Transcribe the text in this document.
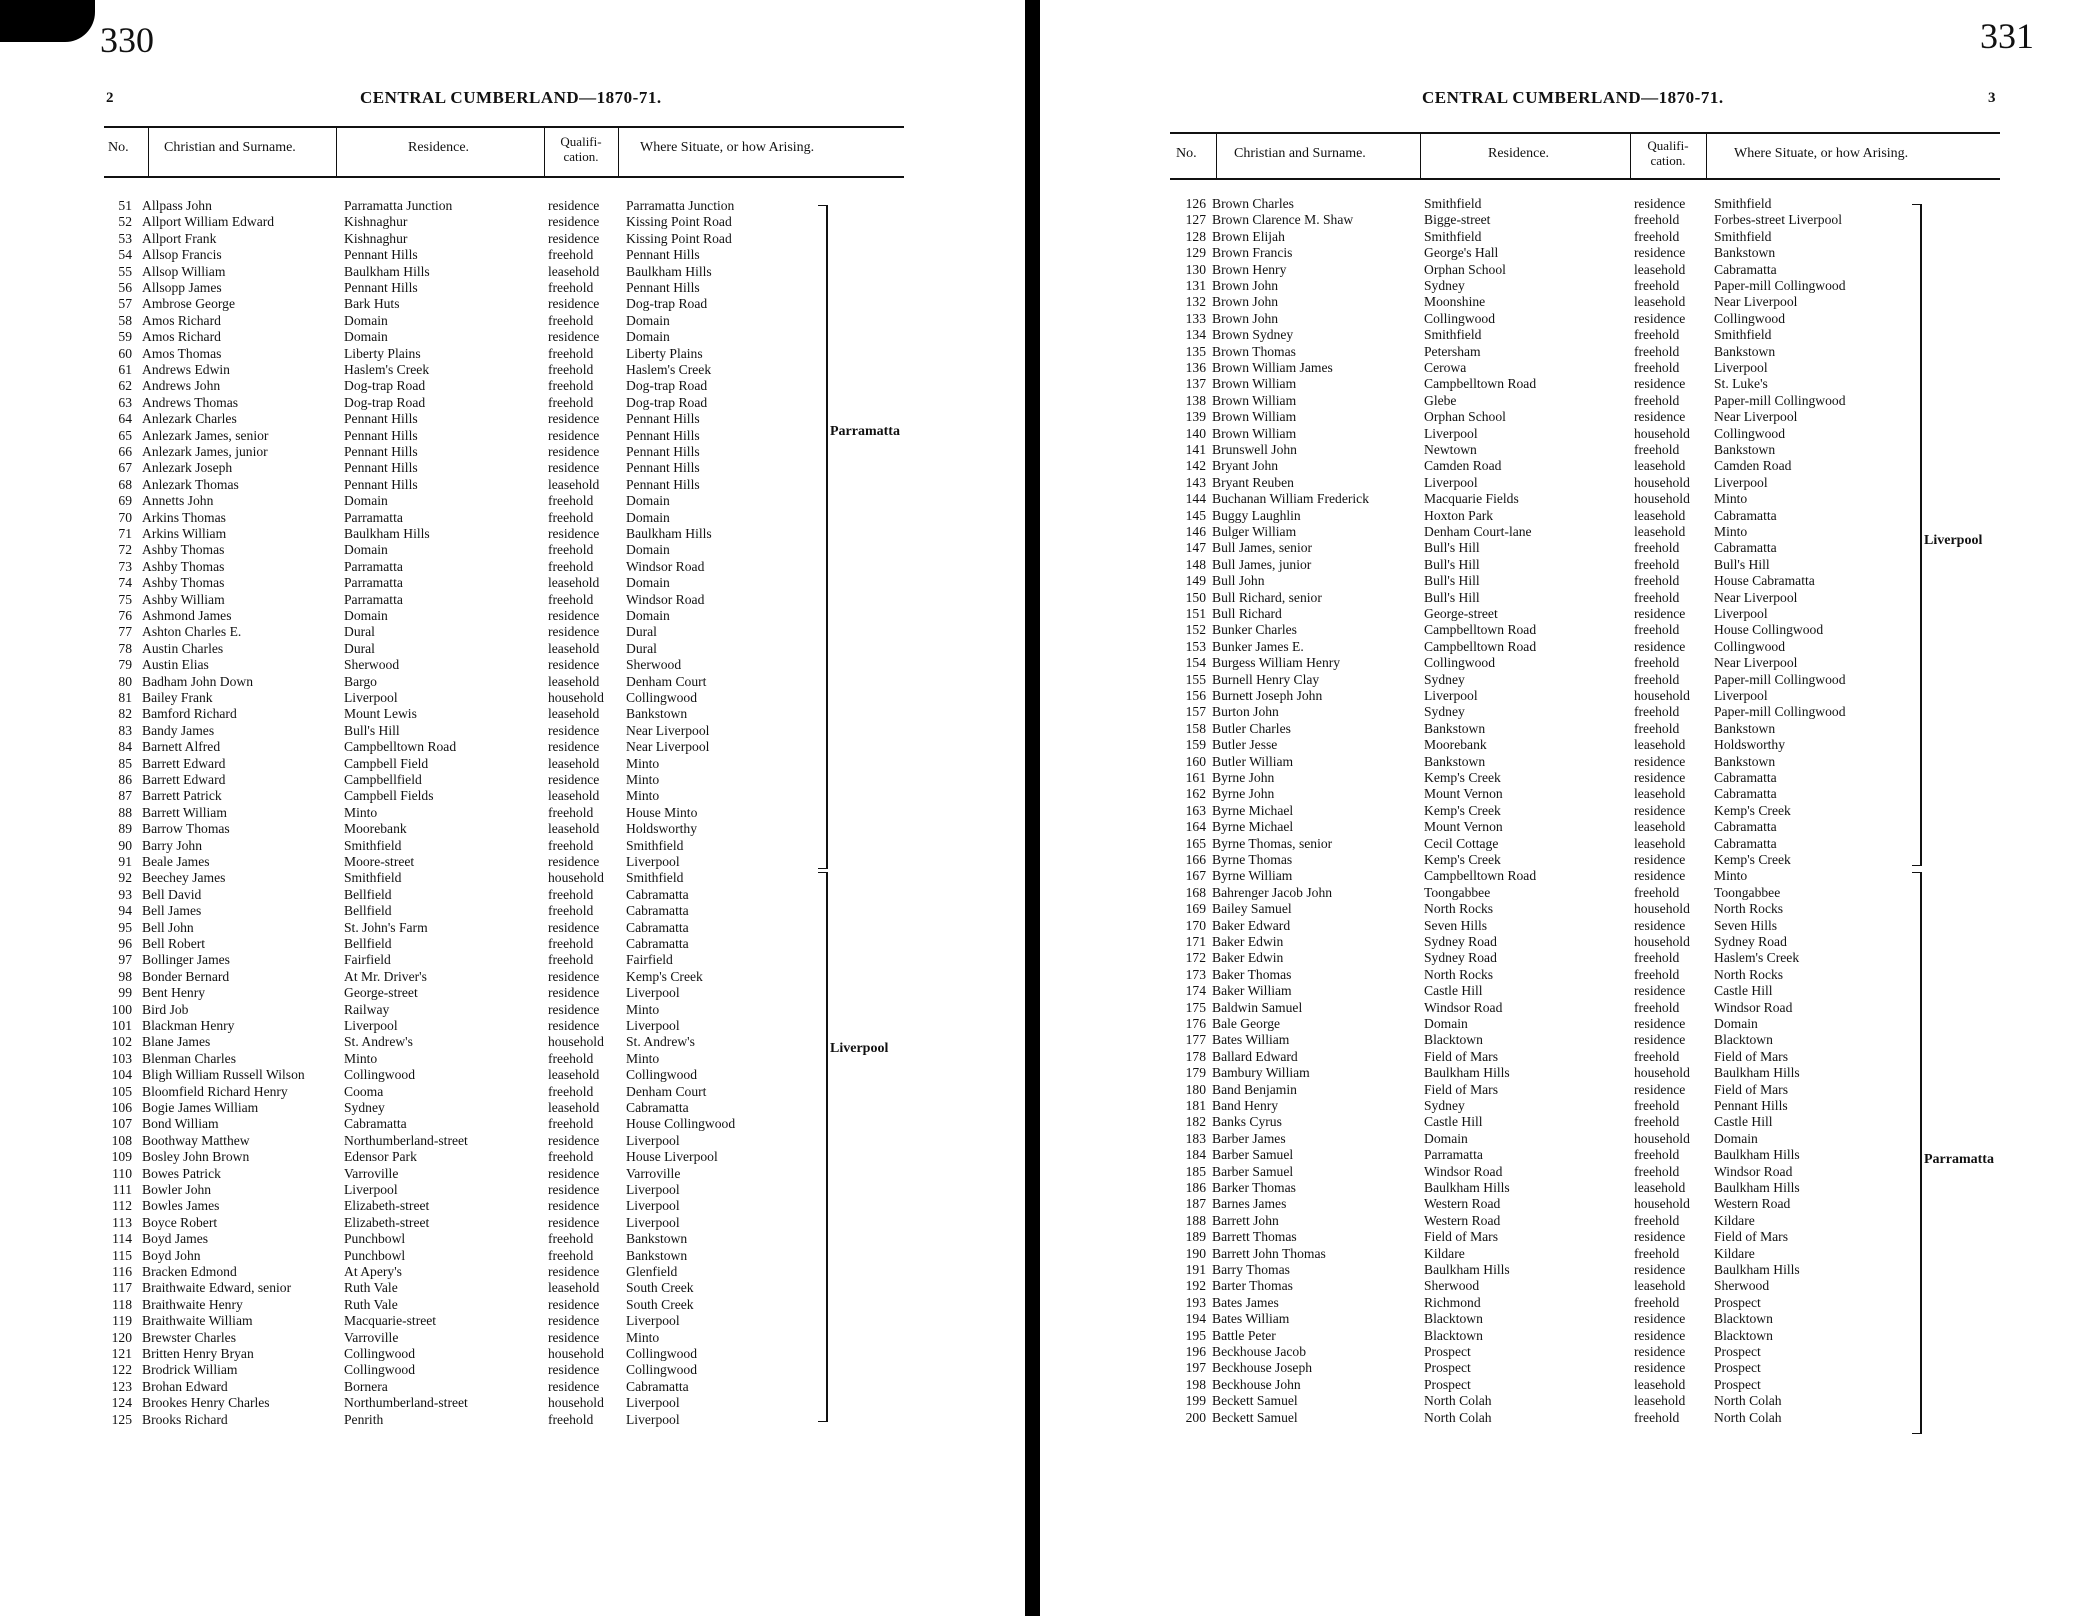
330
2	CENTRAL CUMBERLAND—1870-71.
No.	Christian and Surname.	Residence.	Qualifi-
cation.
Where Situate, or how Arising.
51 Allpass John	Parramatta Junction	residence	Parramatta Junction
52 Allport William Edward	Kishnaghur	residence	Kissing Point Road
53 Allport Frank	Kishnaghur	residence	Kissing Point Road
54 Allsop Francis	Pennant Hills	freehold	Pennant Hills
55 Allsop William	Baulkham Hills	leasehold	Baulkham Hills
56 Allsopp James	Pennant Hills	freehold	Pennant Hills
57 Ambrose George	Bark Huts	residence	Dog-trap Road
58 Amos Richard	Domain	freehold	Domain
59 Amos Richard	Domain	residence	Domain
60 Amos Thomas	Liberty Plains	freehold	Liberty Plains
61 Andrews Edwin	Haslem's Creek	freehold	Haslem's Creek
62 Andrews John	Dog-trap Road	freehold	Dog-trap Road
63 Andrews Thomas	Dog-trap Road	freehold	Dog-trap Road
64 Anlezark Charles	Pennant Hills	residence	Pennant Hills
65 Anlezark James, senior	Pennant Hills	residence	Pennant Hills
66 Anlezark James, junior	Pennant Hills	residence	Pennant Hills
67 Anlezark Joseph	Pennant Hills	residence	Pennant Hills
68 Anlezark Thomas	Pennant Hills	leasehold	Pennant Hills
69 Annetts John	Domain	freehold	Domain
70 Arkins Thomas	Parramatta	freehold	Domain
71 Arkins William	Baulkham Hills	residence	Baulkham Hills
72 Ashby Thomas	Domain	freehold	Domain
73 Ashby Thomas	Parramatta	freehold	Windsor Road
74 Ashby Thomas	Parramatta	leasehold	Domain
75 Ashby William	Parramatta	freehold	Windsor Road
76 Ashmond James	Domain	residence	Domain
77 Ashton Charles E.	Dural	residence	Dural
78 Austin Charles	Dural	leasehold	Dural
79 Austin Elias	Sherwood	residence	Sherwood
80 Badham John Down	Bargo	leasehold	Denham Court
81 Bailey Frank	Liverpool	household	Collingwood
82 Bamford Richard	Mount Lewis	leasehold	Bankstown
83 Bandy James	Bull's Hill	residence	Near Liverpool
84 Barnett Alfred	Campbelltown Road	residence	Near Liverpool
85 Barrett Edward	Campbell Field	leasehold	Minto
86 Barrett Edward	Campbellfield	residence	Minto
87 Barrett Patrick	Campbell Fields	leasehold	Minto
88 Barrett William	Minto	freehold	House Minto
89 Barrow Thomas	Moorebank	leasehold	Holdsworthy
90 Barry John	Smithfield	freehold	Smithfield
91 Beale James	Moore-street	residence	Liverpool
92 Beechey James	Smithfield	household	Smithfield
93 Bell David	Bellfield	freehold	Cabramatta
94 Bell James	Bellfield	freehold	Cabramatta
95 Bell John	St. John's Farm	residence	Cabramatta
96 Bell Robert	Bellfield	freehold	Cabramatta
97 Bollinger James	Fairfield	freehold	Fairfield
98 Bonder Bernard	At Mr. Driver's	residence	Kemp's Creek
99 Bent Henry	George-street	residence	Liverpool
100 Bird Job	Railway	residence	Minto
101 Blackman Henry	Liverpool	residence	Liverpool
102 Blane James	St. Andrew's	household	St. Andrew's
103 Blenman Charles	Minto	freehold	Minto
104 Bligh William Russell Wilson	Collingwood	leasehold	Collingwood
105 Bloomfield Richard Henry	Cooma	freehold	Denham Court
106 Bogie James William	Sydney	leasehold	Cabramatta
107 Bond William	Cabramatta	freehold	House Collingwood
108 Boothway Matthew	Northumberland-street	residence	Liverpool
109 Bosley John Brown	Edensor Park	freehold	House Liverpool
110 Bowes Patrick	Varroville	residence	Varroville
111 Bowler John	Liverpool	residence	Liverpool
112 Bowles James	Elizabeth-street	residence	Liverpool
113 Boyce Robert	Elizabeth-street	residence	Liverpool
114 Boyd James	Punchbowl	freehold	Bankstown
115 Boyd John	Punchbowl	freehold	Bankstown
116 Bracken Edmond	At Apery's	residence	Glenfield
117 Braithwaite Edward, senior	Ruth Vale	leasehold	South Creek
118 Braithwaite Henry	Ruth Vale	residence	South Creek
119 Braithwaite William	Macquarie-street	residence	Liverpool
120 Brewster Charles	Varroville	residence	Minto
121 Britten Henry Bryan	Collingwood	household	Collingwood
122 Brodrick William	Collingwood	residence	Collingwood
123 Brohan Edward	Bornera	residence	Cabramatta
124 Brookes Henry Charles	Northumberland-street	household	Liverpool
125 Brooks Richard	Penrith	freehold	Liverpool
Parramatta
Liverpool
331
3
CENTRAL CUMBERLAND—1870-71.
No.	Christian and Surname.	Residence.
Qualifi-
cation.	Where Situate, or how Arising.
126 Brown Charles	Smithfield	residence	Smithfield
127 Brown Clarence M. Shaw	Bigge-street	freehold	Forbes-street Liverpool
128 Brown Elijah	Smithfield	freehold	Smithfield
129 Brown Francis	George's Hall	residence	Bankstown
130 Brown Henry	Orphan School	leasehold	Cabramatta
131 Brown John	Sydney	freehold	Paper-mill Collingwood
132 Brown John	Moonshine	leasehold	Near Liverpool
133 Brown John	Collingwood	residence	Collingwood
134 Brown Sydney	Smithfield	freehold	Smithfield
135 Brown Thomas	Petersham	freehold	Bankstown
136 Brown William James	Cerowa	freehold	Liverpool
137 Brown William	Campbelltown Road	residence	St. Luke's
138 Brown William	Glebe	freehold	Paper-mill Collingwood
139 Brown William	Orphan School	residence	Near Liverpool
140 Brown William	Liverpool	household	Collingwood
141 Brunswell John	Newtown	freehold	Bankstown
142 Bryant John	Camden Road	leasehold	Camden Road
143 Bryant Reuben	Liverpool	household	Liverpool
144 Buchanan William Frederick	Macquarie Fields	household	Minto
145 Buggy Laughlin	Hoxton Park	leasehold	Cabramatta
146 Bulger William	Denham Court-lane	leasehold	Minto
147 Bull James, senior	Bull's Hill	freehold	Cabramatta
148 Bull James, junior	Bull's Hill	freehold	Bull's Hill
149 Bull John	Bull's Hill	freehold	House Cabramatta
150 Bull Richard, senior	Bull's Hill	freehold	Near Liverpool
151 Bull Richard	George-street	residence	Liverpool
152 Bunker Charles	Campbelltown Road	freehold	House Collingwood
153 Bunker James E.	Campbelltown Road	residence	Collingwood
154 Burgess William Henry	Collingwood	freehold	Near Liverpool
155 Burnell Henry Clay	Sydney	freehold	Paper-mill Collingwood
156 Burnett Joseph John	Liverpool	household	Liverpool
157 Burton John	Sydney	freehold	Paper-mill Collingwood
158 Butler Charles	Bankstown	freehold	Bankstown
159 Butler Jesse	Moorebank	leasehold	Holdsworthy
160 Butler William	Bankstown	residence	Bankstown
161 Byrne John	Kemp's Creek	residence	Cabramatta
162 Byrne John	Mount Vernon	leasehold	Cabramatta
163 Byrne Michael	Kemp's Creek	residence	Kemp's Creek
164 Byrne Michael	Mount Vernon	leasehold	Cabramatta
165 Byrne Thomas, senior	Cecil Cottage	leasehold	Cabramatta
166 Byrne Thomas	Kemp's Creek	residence	Kemp's Creek
167 Byrne William	Campbelltown Road	residence	Minto
168 Bahrenger Jacob John	Toongabbee	freehold	Toongabbee
169 Bailey Samuel	North Rocks	household	North Rocks
170 Baker Edward	Seven Hills	residence	Seven Hills
171 Baker Edwin	Sydney Road	household	Sydney Road
172 Baker Edwin	Sydney Road	freehold	Haslem's Creek
173 Baker Thomas	North Rocks	freehold	North Rocks
174 Baker William	Castle Hill	residence	Castle Hill
175 Baldwin Samuel	Windsor Road	freehold	Windsor Road
176 Bale George	Domain	residence	Domain
177 Bates William	Blacktown	residence	Blacktown
178 Ballard Edward	Field of Mars	freehold	Field of Mars
179 Bambury William	Baulkham Hills	household	Baulkham Hills
180 Band Benjamin	Field of Mars	residence	Field of Mars
181 Band Henry	Sydney	freehold	Pennant Hills
182 Banks Cyrus	Castle Hill	freehold	Castle Hill
183 Barber James	Domain	household	Domain
184 Barber Samuel	Parramatta	freehold	Baulkham Hills
185 Barber Samuel	Windsor Road	freehold	Windsor Road
186 Barker Thomas	Baulkham Hills	leasehold	Baulkham Hills
187 Barnes James	Western Road	household	Western Road
188 Barrett John	Western Road	freehold	Kildare
189 Barrett Thomas	Field of Mars	residence	Field of Mars
190 Barrett John Thomas	Kildare	freehold	Kildare
191 Barry Thomas	Baulkham Hills	residence	Baulkham Hills
192 Barter Thomas	Sherwood	leasehold	Sherwood
193 Bates James	Richmond	freehold	Prospect
194 Bates William	Blacktown	residence	Blacktown
195 Battle Peter	Blacktown	residence	Blacktown
196 Beckhouse Jacob	Prospect	residence	Prospect
197 Beckhouse Joseph	Prospect	residence	Prospect
198 Beckhouse John	Prospect	leasehold	Prospect
199 Beckett Samuel	North Colah	leasehold	North Colah
200 Beckett Samuel	North Colah	freehold	North Colah
Liverpool
Parramatta
